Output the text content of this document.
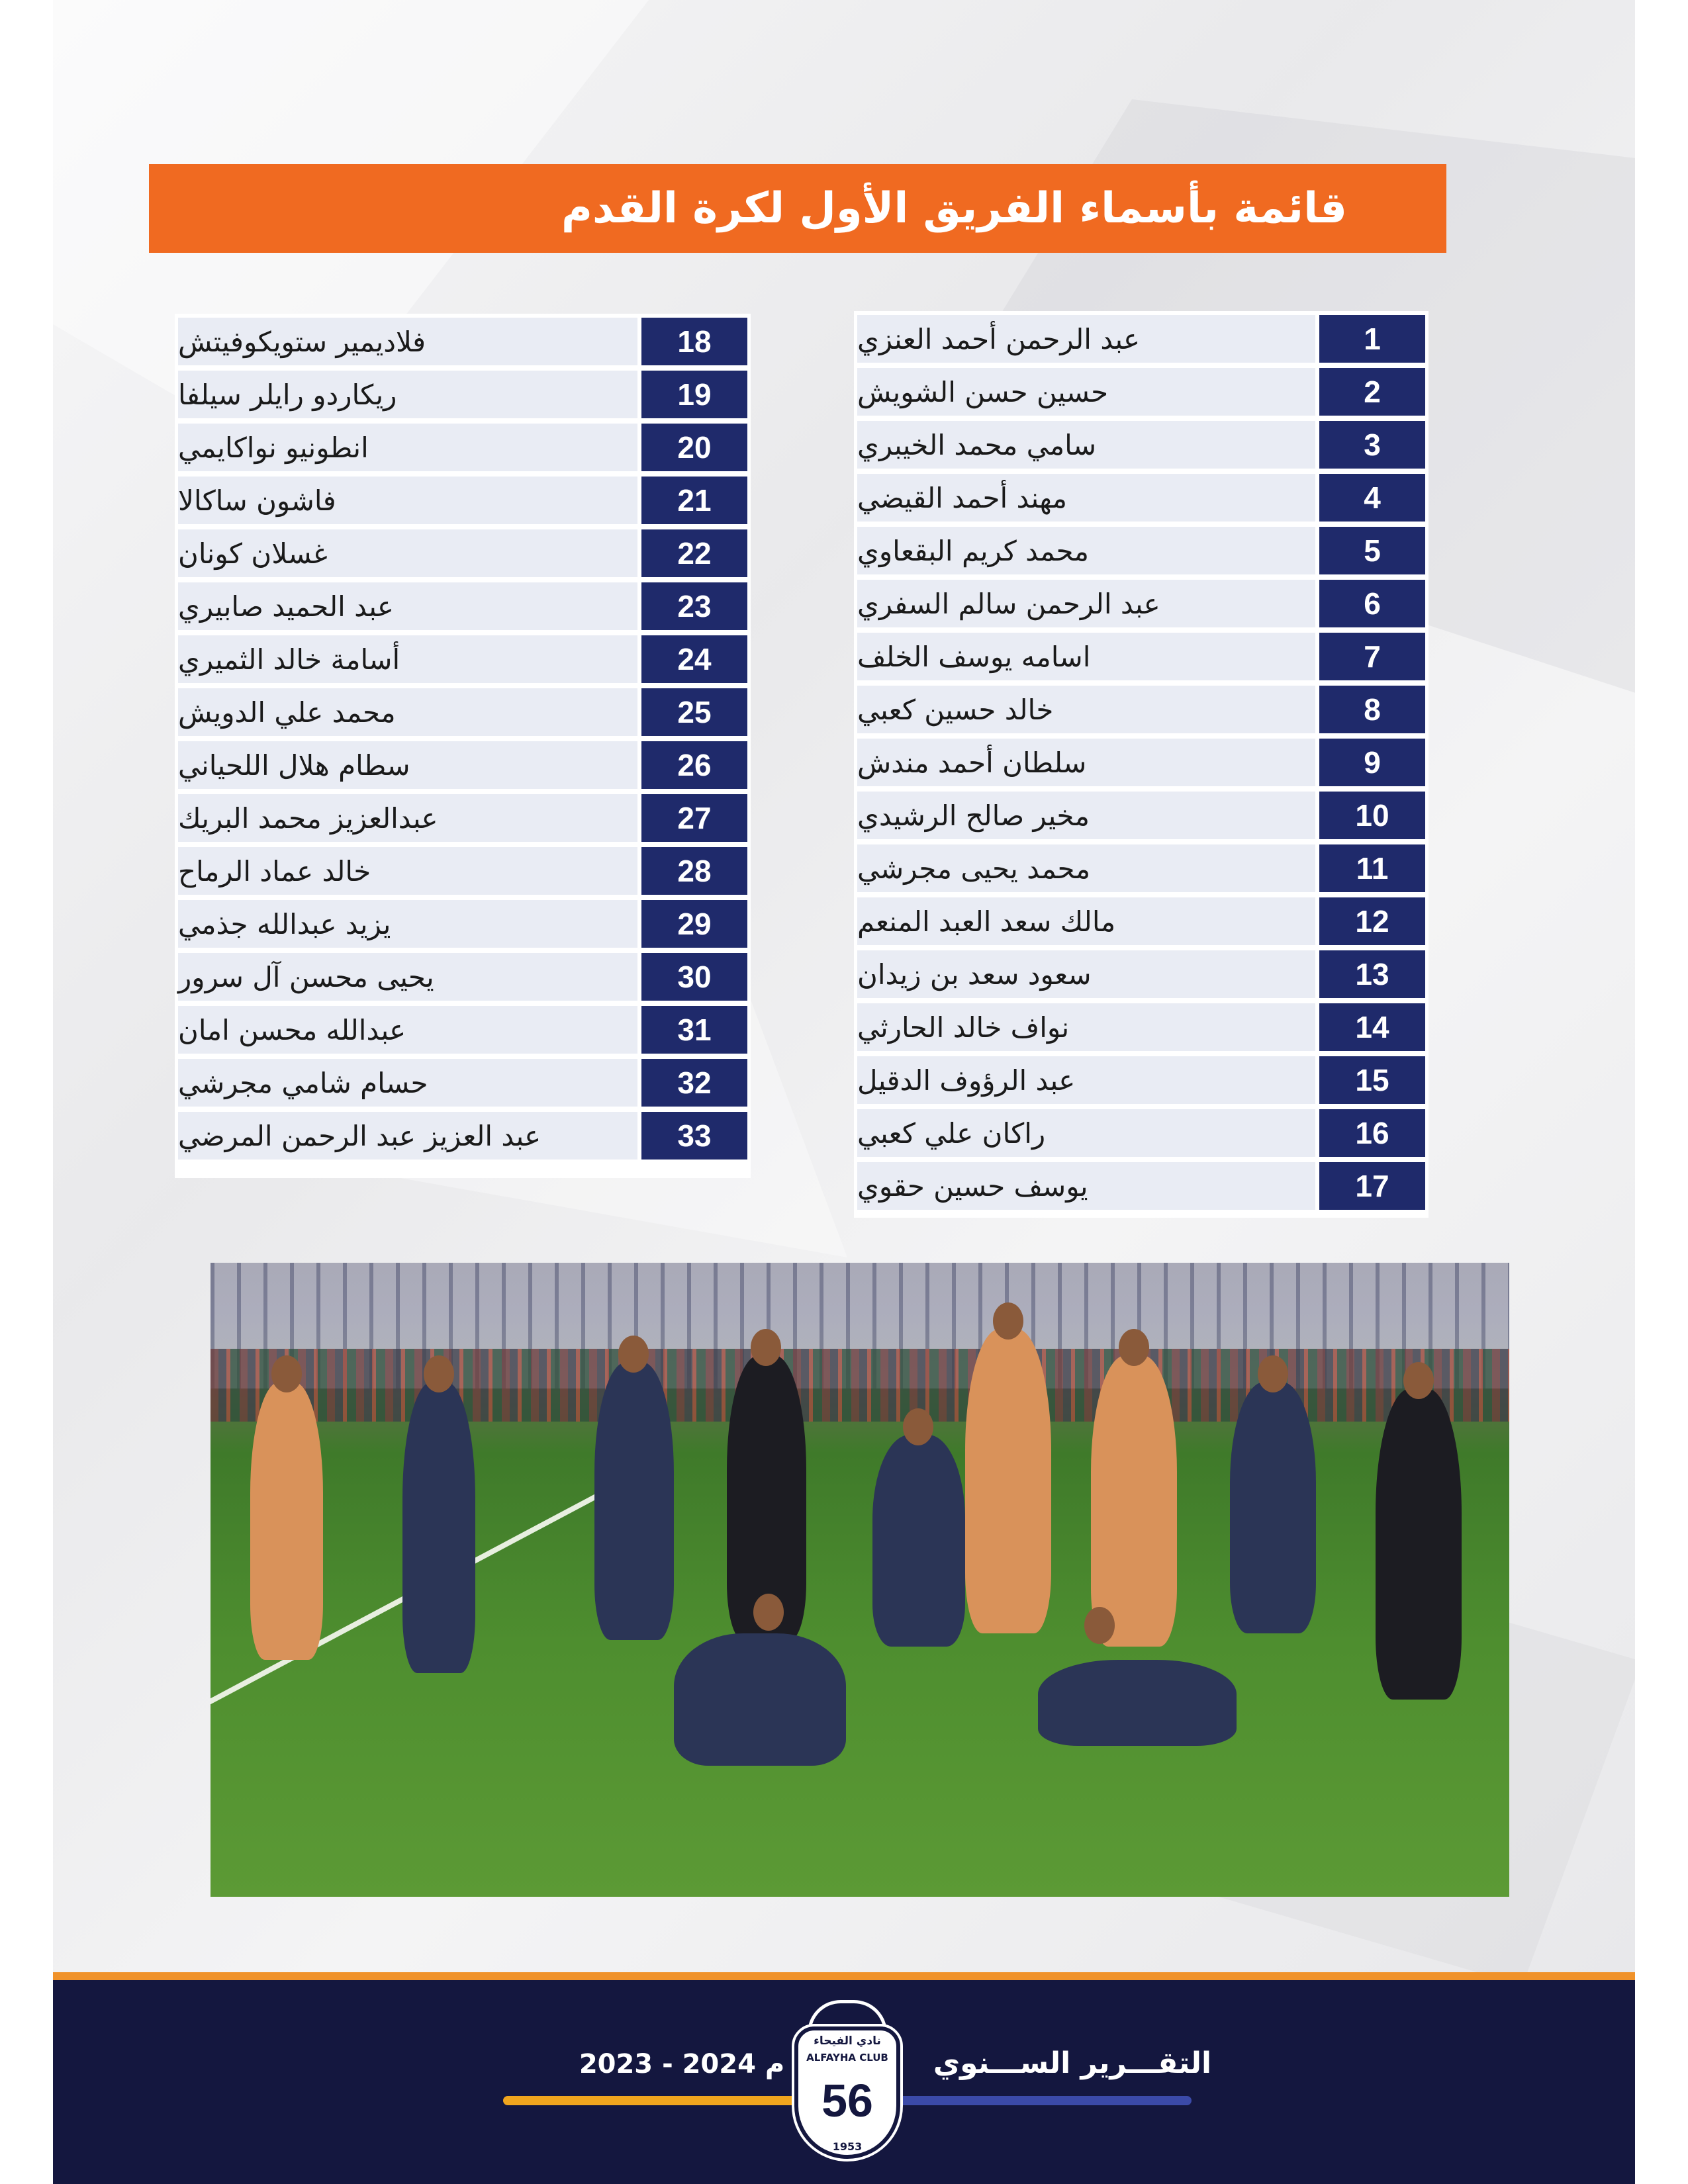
قائمة بأسماء الفريق الأول لكرة القدم
عبد الرحمن أحمد العنزي	1
حسين حسن الشويش	2
سامي محمد الخيبري	3
مهند أحمد القيضي	4
محمد كريم البقعاوي	5
عبد الرحمن سالم السفري	6
اسامه يوسف الخلف	7
خالد حسين كعبي	8
سلطان أحمد مندش	9
مخير صالح الرشيدي	10
محمد يحيى مجرشي	11
مالك سعد العبد المنعم	12
سعود سعد بن زيدان	13
نواف خالد الحارثي	14
عبد الرؤوف الدقيل	15
راكان علي كعبي	16
يوسف حسين حقوي	17
فلاديمير ستويكوفيتش	18
ريكاردو رايلر سيلفا	19
انطونيو نواكايمي	20
فاشون ساكالا	21
غسلان كونان	22
عبد الحميد صابيري	23
أسامة خالد الثميري	24
محمد علي الدويش	25
سطام هلال اللحياني	26
عبدالعزيز محمد البريك	27
خالد عماد الرماح	28
يزيد عبدالله جذمي	29
يحيى محسن آل سرور	30
عبدالله محسن امان	31
حسام شامي مجرشي	32
عبد العزيز عبد الرحمن المرضي	33
التقـــرير الســـنوي
2023 - 2024 م
نادي الفيحاء
ALFAYHA CLUB
56
1953
